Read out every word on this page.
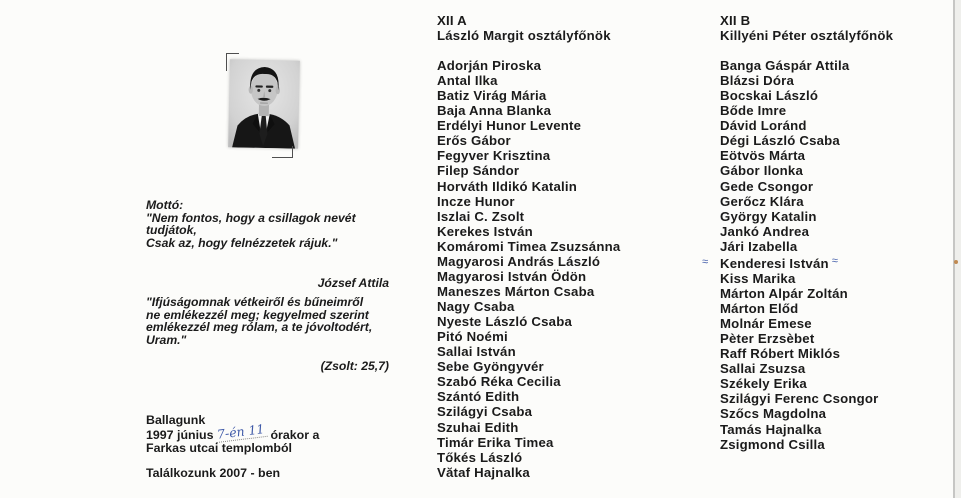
Mottó:
"Nem fontos, hogy a csillagok nevét
tudjátok,
Csak az, hogy felnézzetek rájuk."
József Attila
"Ifjúságomnak vétkeiről és bűneimről
ne emlékezzél meg; kegyelmed szerint
emlékezzél meg rólam, a te jóvoltodért,
Uram."
(Zsolt: 25,7)
Ballagunk
1997 június 7-én 11 órakor a
Farkas utcai templomból
Találkozunk 2007 - ben
XII A
László Margit osztályfőnök
Adorján Piroska
Antal Ilka
Batiz Virág Mária
Baja Anna Blanka
Erdélyi Hunor Levente
Erős Gábor
Fegyver Krisztina
Filep Sándor
Horváth Ildikó Katalin
Incze Hunor
Iszlai C. Zsolt
Kerekes István
Komáromi Timea Zsuzsánna
Magyarosi András László
Magyarosi István Ödön
Maneszes Márton Csaba
Nagy Csaba
Nyeste László Csaba
Pitó Noémi
Sallai István
Sebe Gyöngyvér
Szabó Réka Cecilia
Szántó Edith
Szilágyi Csaba
Szuhai Edith
Timár Erika Timea
Tőkés László
Vătaf Hajnalka
XII B
Killyéni Péter osztályfőnök
Banga Gáspár Attila
Blázsi Dóra
Bocskai László
Bőde Imre
Dávid Loránd
Dégi László Csaba
Eötvös Márta
Gábor Ilonka
Gede Csongor
Gerőcz Klára
György Katalin
Jankó Andrea
Jári Izabella
≈ Kenderesi István ≈
Kiss Marika
Márton Alpár Zoltán
Márton Előd
Molnár Emese
Pèter Erzsèbet
Raff Róbert Miklós
Sallai Zsuzsa
Székely Erika
Szilágyi Ferenc Csongor
Szőcs Magdolna
Tamás Hajnalka
Zsigmond Csilla
